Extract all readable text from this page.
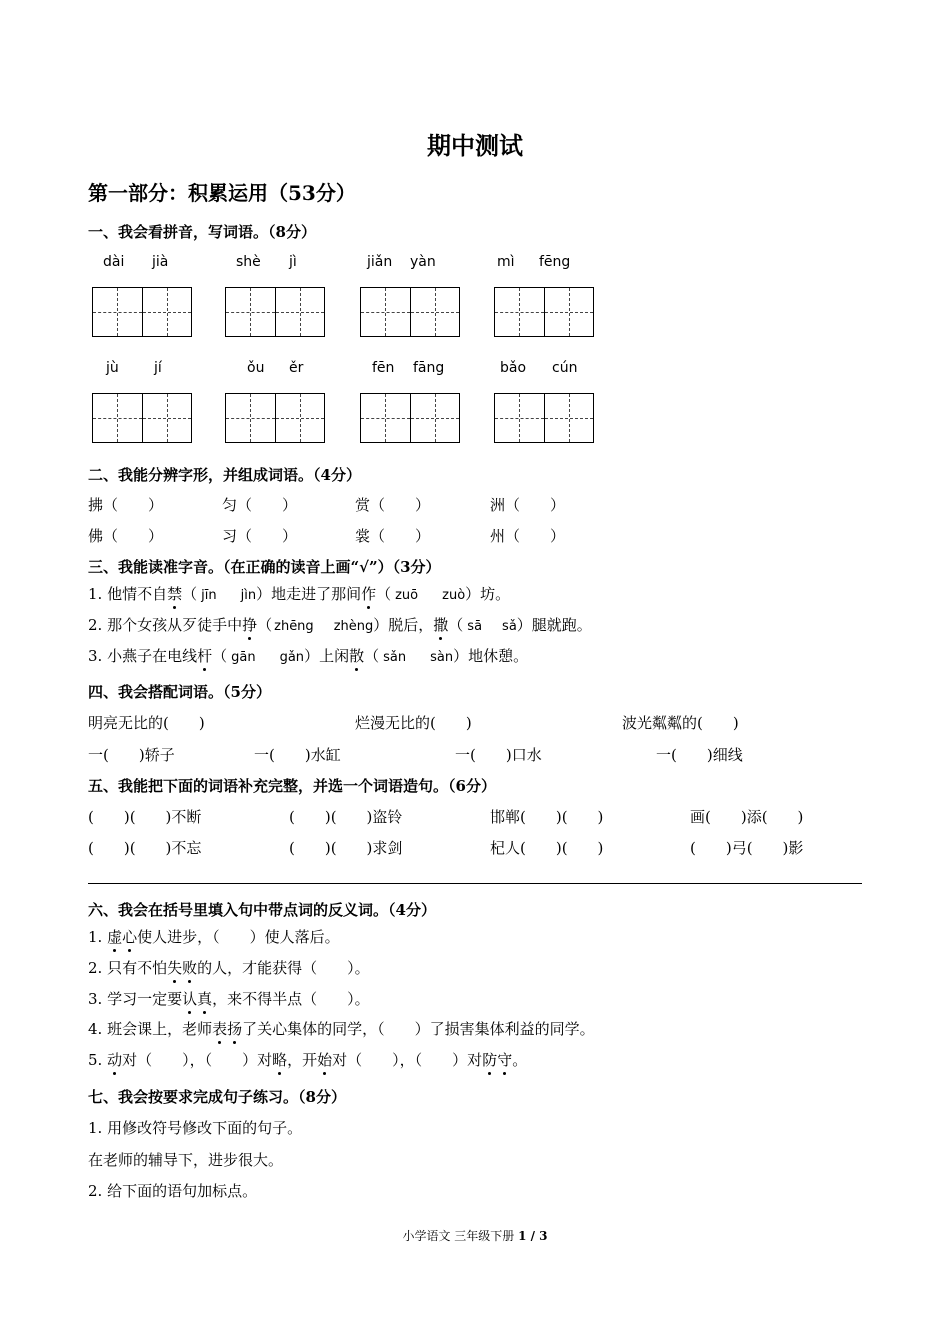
期中测试
第一部分：积累运用（53分）
一、我会看拼音，写词语。（8分）
dài jià	shè jì	jiǎn yàn	mì fēng
jù	jí	ǒu ěr	fēn fāng	bǎo cún
二、我能分辨字形，并组成词语。（4分）
拂（　　）	匀（　　）	赏（　　）	洲（　　）
佛（　　）	习（　　）	裳（　　）	州（　　）
三、我能读准字音。（在正确的读音上画“√”）（3分）
1. 他情不自禁（ jīn jìn）地走进了那间作（ zuō zuò）坊。
2. 那个女孩从歹徒手中挣（ zhēng zhèng）脱后，撒（ sā sǎ）腿就跑。
3. 小燕子在电线杆（ gān gǎn）上闲散（ sǎn sàn）地休憩。
四、我会搭配词语。（5分）
明亮无比的(　　)	烂漫无比的(　　)	波光粼粼的(　　)
一(　　)轿子	一(　　)水缸	一(　　)口水	一(　　)细线
五、我能把下面的词语补充完整，并选一个词语造句。（6分）
(　　)(　　)不断	(　　)(　　)盗铃	邯郸(　　)(　　)	画(　　)添(　　)
(　　)(　　)不忘	(　　)(　　)求剑	杞人(　　)(　　)	(　　)弓(　　)影
六、我会在括号里填入句中带点词的反义词。（4分）
1. 虚心使人进步，（　　）使人落后。
2. 只有不怕失败的人，才能获得（　　）。
3. 学习一定要认真，来不得半点（　　）。
4. 班会课上，老师表扬了关心集体的同学，（　　）了损害集体利益的同学。
5. 动对（　　），（　　）对略，开始对（　　），（　　）对防守。
七、我会按要求完成句子练习。（8分）
1. 用修改符号修改下面的句子。
在老师的辅导下，进步很大。
2. 给下面的语句加标点。
小学语文 三年级下册 1 / 3
